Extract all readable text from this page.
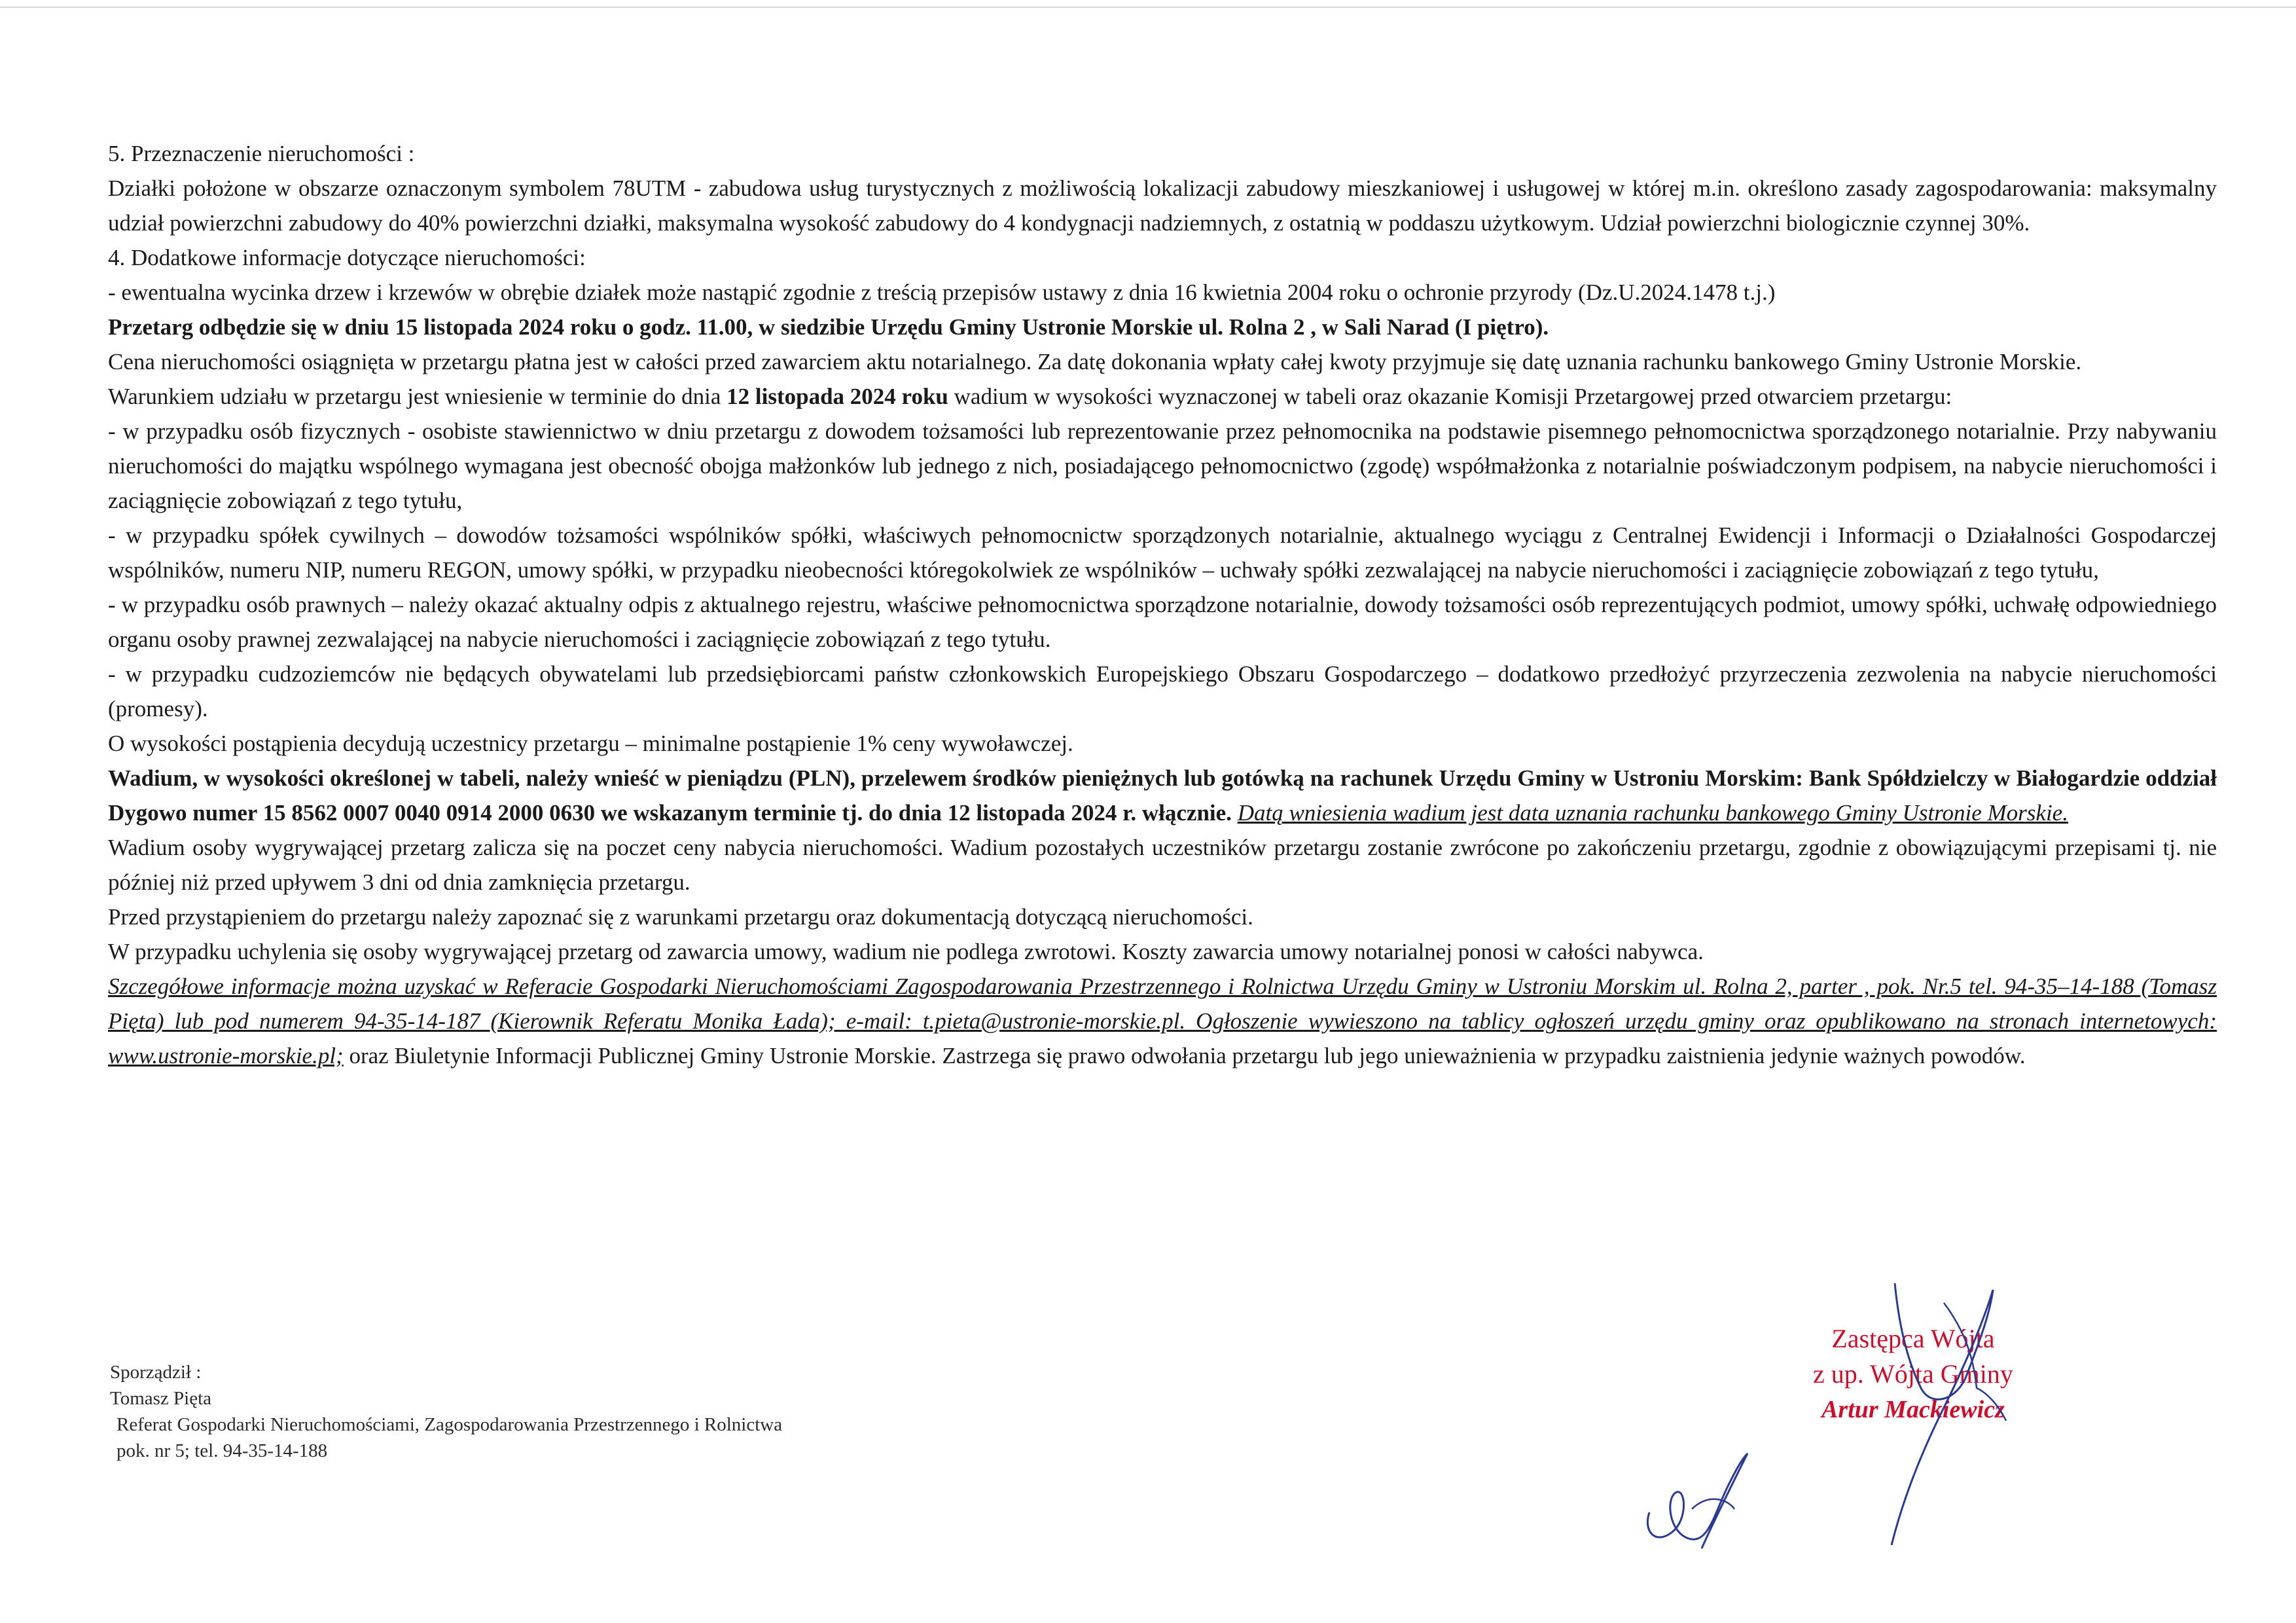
5. Przeznaczenie nieruchomości :

Działki położone w obszarze oznaczonym symbolem 78UTM - zabudowa usług turystycznych z możliwością lokalizacji zabudowy mieszkaniowej i usługowej w której m.in. określono zasady zagospodarowania: maksymalny udział powierzchni zabudowy do 40% powierzchni działki, maksymalna wysokość zabudowy do 4 kondygnacji nadziemnych, z ostatnią w poddaszu użytkowym. Udział powierzchni biologicznie czynnej 30%.

4. Dodatkowe informacje dotyczące nieruchomości:

- ewentualna wycinka drzew i krzewów w obrębie działek może nastąpić zgodnie z treścią przepisów ustawy z dnia 16 kwietnia 2004 roku o ochronie przyrody (Dz.U.2024.1478 t.j.)

Przetarg odbędzie się w dniu 15 listopada 2024 roku o godz. 11.00, w siedzibie Urzędu Gminy Ustronie Morskie ul. Rolna 2 , w Sali Narad (I piętro).

Cena nieruchomości osiągnięta w przetargu płatna jest w całości przed zawarciem aktu notarialnego. Za datę dokonania wpłaty całej kwoty przyjmuje się datę uznania rachunku bankowego Gminy Ustronie Morskie.

Warunkiem udziału w przetargu jest wniesienie w terminie do dnia 12 listopada 2024 roku wadium w wysokości wyznaczonej w tabeli oraz okazanie Komisji Przetargowej przed otwarciem przetargu:

- w przypadku osób fizycznych - osobiste stawiennictwo w dniu przetargu z dowodem tożsamości lub reprezentowanie przez pełnomocnika na podstawie pisemnego pełnomocnictwa sporządzonego notarialnie. Przy nabywaniu nieruchomości do majątku wspólnego wymagana jest obecność obojga małżonków lub jednego z nich, posiadającego pełnomocnictwo (zgodę) współmałżonka z notarialnie poświadczonym podpisem, na nabycie nieruchomości i zaciągnięcie zobowiązań z tego tytułu,

- w przypadku spółek cywilnych – dowodów tożsamości wspólników spółki, właściwych pełnomocnictw sporządzonych notarialnie, aktualnego wyciągu z Centralnej Ewidencji i Informacji o Działalności Gospodarczej wspólników, numeru NIP, numeru REGON, umowy spółki, w przypadku nieobecności któregokolwiek ze wspólników – uchwały spółki zezwalającej na nabycie nieruchomości i zaciągnięcie zobowiązań z tego tytułu,

- w przypadku osób prawnych – należy okazać aktualny odpis z aktualnego rejestru, właściwe pełnomocnictwa sporządzone notarialnie, dowody tożsamości osób reprezentujących podmiot, umowy spółki, uchwałę odpowiedniego organu osoby prawnej zezwalającej na nabycie nieruchomości i zaciągnięcie zobowiązań z tego tytułu.

- w przypadku cudzoziemców nie będących obywatelami lub przedsiębiorcami państw członkowskich Europejskiego Obszaru Gospodarczego – dodatkowo przedłożyć przyrzeczenia zezwolenia na nabycie nieruchomości (promesy).

O wysokości postąpienia decydują uczestnicy przetargu – minimalne postąpienie 1% ceny wywoławczej.

Wadium, w wysokości określonej w tabeli, należy wnieść w pieniądzu (PLN), przelewem środków pieniężnych lub gotówką na rachunek Urzędu Gminy w Ustroniu Morskim: Bank Spółdzielczy w Białogardzie oddział Dygowo numer 15 8562 0007 0040 0914 2000 0630 we wskazanym terminie tj. do dnia 12 listopada 2024 r. włącznie. Datą wniesienia wadium jest data uznania rachunku bankowego Gminy Ustronie Morskie.

Wadium osoby wygrywającej przetarg zalicza się na poczet ceny nabycia nieruchomości. Wadium pozostałych uczestników przetargu zostanie zwrócone po zakończeniu przetargu, zgodnie z obowiązującymi przepisami tj. nie później niż przed upływem 3 dni od dnia zamknięcia przetargu.

Przed przystąpieniem do przetargu należy zapoznać się z warunkami przetargu oraz dokumentacją dotyczącą nieruchomości.

W przypadku uchylenia się osoby wygrywającej przetarg od zawarcia umowy, wadium nie podlega zwrotowi. Koszty zawarcia umowy notarialnej ponosi w całości nabywca.

Szczegółowe informacje można uzyskać w Referacie Gospodarki Nieruchomościami Zagospodarowania Przestrzennego i Rolnictwa Urzędu Gminy w Ustroniu Morskim ul. Rolna 2, parter , pok. Nr.5 tel. 94-35–14-188 (Tomasz Pięta) lub pod numerem 94-35-14-187 (Kierownik Referatu Monika Łada); e-mail: t.pieta@ustronie-morskie.pl. Ogłoszenie wywieszono na tablicy ogłoszeń urzędu gminy oraz opublikowano na stronach internetowych: www.ustronie-morskie.pl; oraz Biuletynie Informacji Publicznej Gminy Ustronie Morskie. Zastrzega się prawo odwołania przetargu lub jego unieważnienia w przypadku zaistnienia jedynie ważnych powodów.

Sporządził :
Tomasz Pięta
Referat Gospodarki Nieruchomościami, Zagospodarowania Przestrzennego i Rolnictwa
pok. nr 5; tel. 94-35-14-188
Zastępca Wójta
z up. Wójta Gminy
Artur Mackiewicz
